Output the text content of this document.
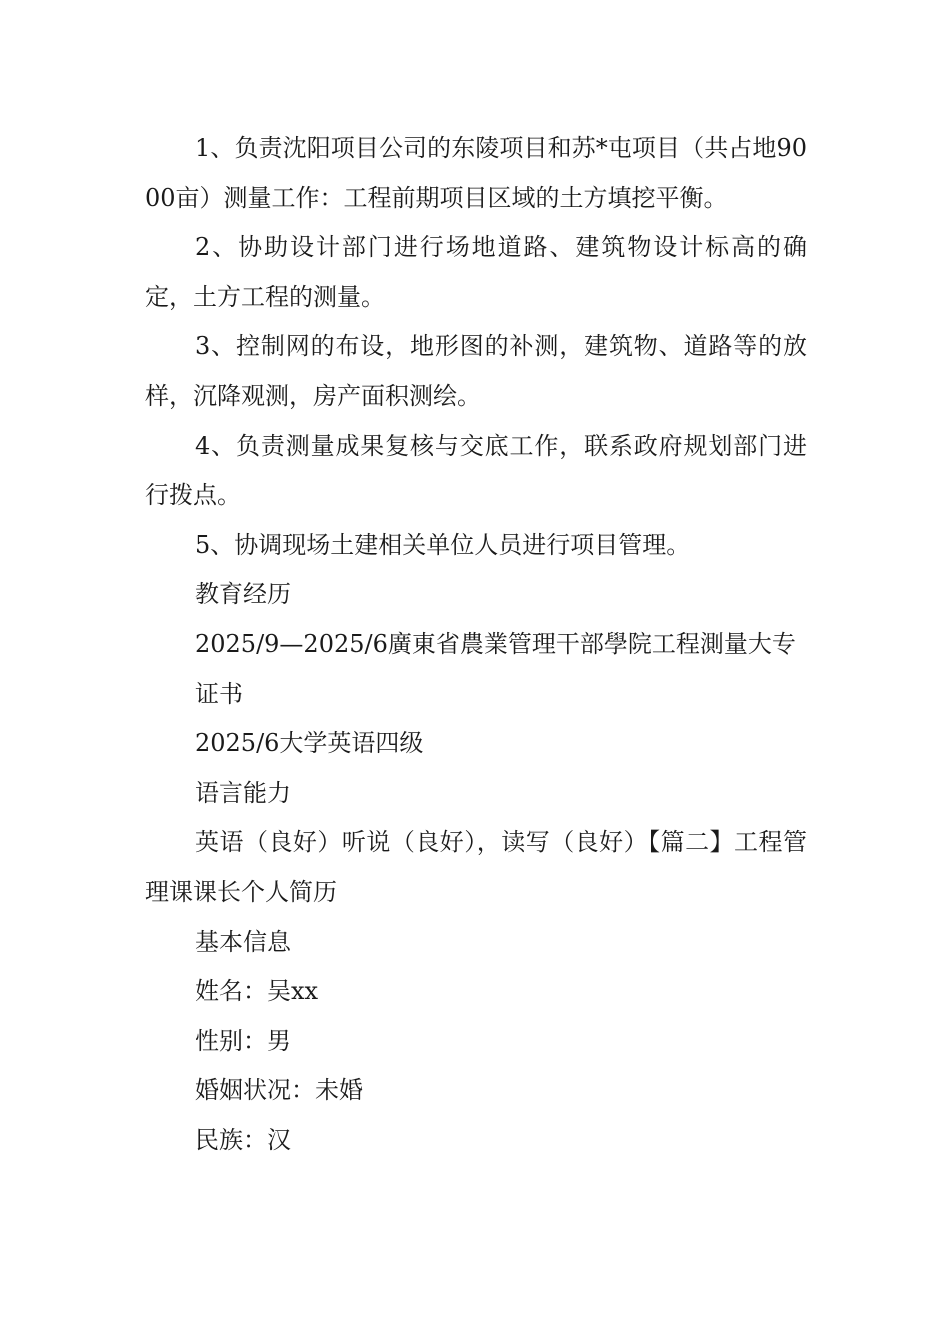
1、负责沈阳项目公司的东陵项目和苏*屯项目（共占地9000亩）测量工作：工程前期项目区域的土方填挖平衡。

2、协助设计部门进行场地道路、建筑物设计标高的确定，土方工程的测量。

3、控制网的布设，地形图的补测，建筑物、道路等的放样，沉降观测，房产面积测绘。

4、负责测量成果复核与交底工作，联系政府规划部门进行拨点。

5、协调现场土建相关单位人员进行项目管理。

教育经历

2025/9—2025/6廣東省農業管理干部學院工程測量大专

证书

2025/6大学英语四级

语言能力

英语（良好）听说（良好），读写（良好）【篇二】工程管理课课长个人简历

基本信息

姓名：吴xx

性别：男

婚姻状况：未婚

民族：汉
